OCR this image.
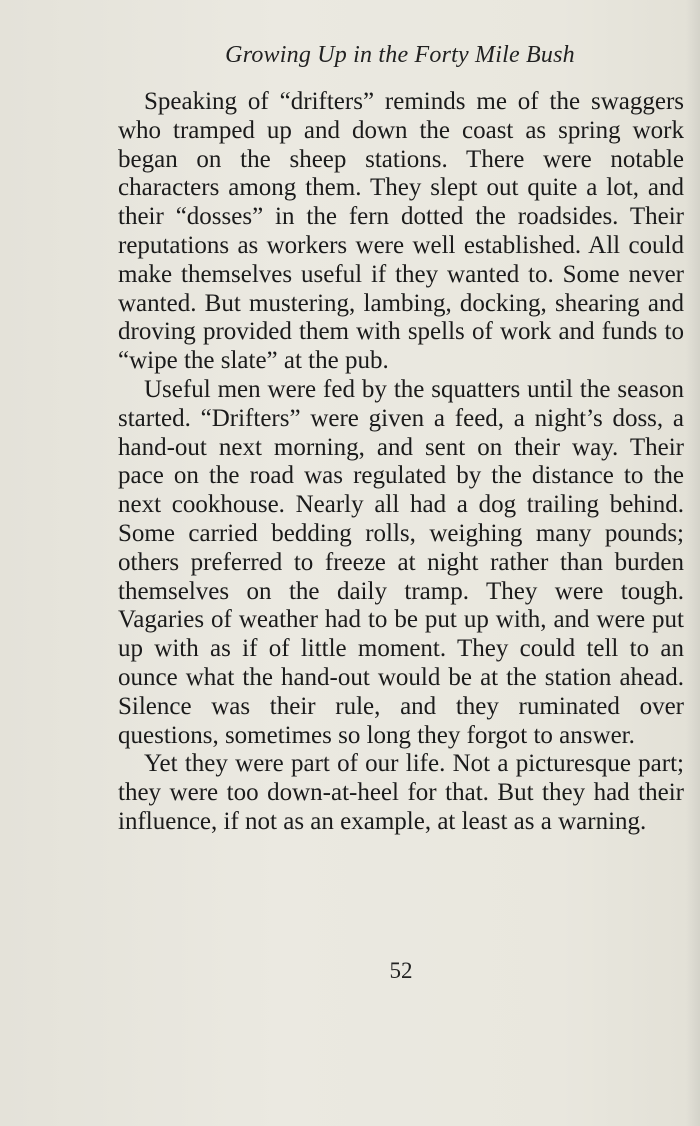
Growing Up in the Forty Mile Bush

Speaking of “drifters” reminds me of the swaggers who tramped up and down the coast as spring work began on the sheep stations. There were notable characters among them. They slept out quite a lot, and their “dosses” in the fern dotted the roadsides. Their reputations as workers were well established. All could make themselves useful if they wanted to. Some never wanted. But mustering, lambing, docking, shearing and droving provided them with spells of work and funds to “wipe the slate” at the pub.

Useful men were fed by the squatters until the season started. “Drifters” were given a feed, a night’s doss, a hand-out next morning, and sent on their way. Their pace on the road was regulated by the distance to the next cookhouse. Nearly all had a dog trailing behind. Some carried bedding rolls, weighing many pounds; others preferred to freeze at night rather than burden themselves on the daily tramp. They were tough. Vagaries of weather had to be put up with, and were put up with as if of little moment. They could tell to an ounce what the hand-out would be at the station ahead. Silence was their rule, and they ruminated over questions, sometimes so long they forgot to answer.

Yet they were part of our life. Not a picturesque part; they were too down-at-heel for that. But they had their influence, if not as an example, at least as a warning.

52
